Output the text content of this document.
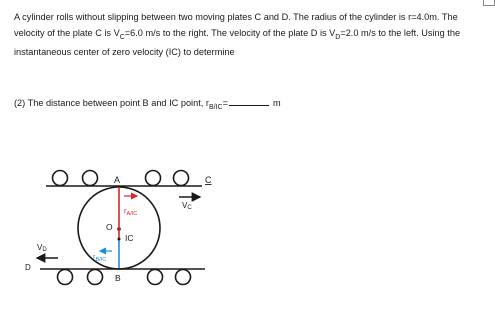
A cylinder rolls without slipping between two moving plates C and D. The radius of the cylinder is r=4.0m. The velocity of the plate C is $V_C=6.0$ m/s to the right. The velocity of the plate D is $V_D=2.0$ m/s to the left. Using the instantaneous center of zero velocity (IC) to determine

(2) The distance between point B and IC point, $r_{B/IC}=$	m
A	C
O
IC
B
D
$r_{A/IC}$
$r_{B/IC}$
VC
VD
